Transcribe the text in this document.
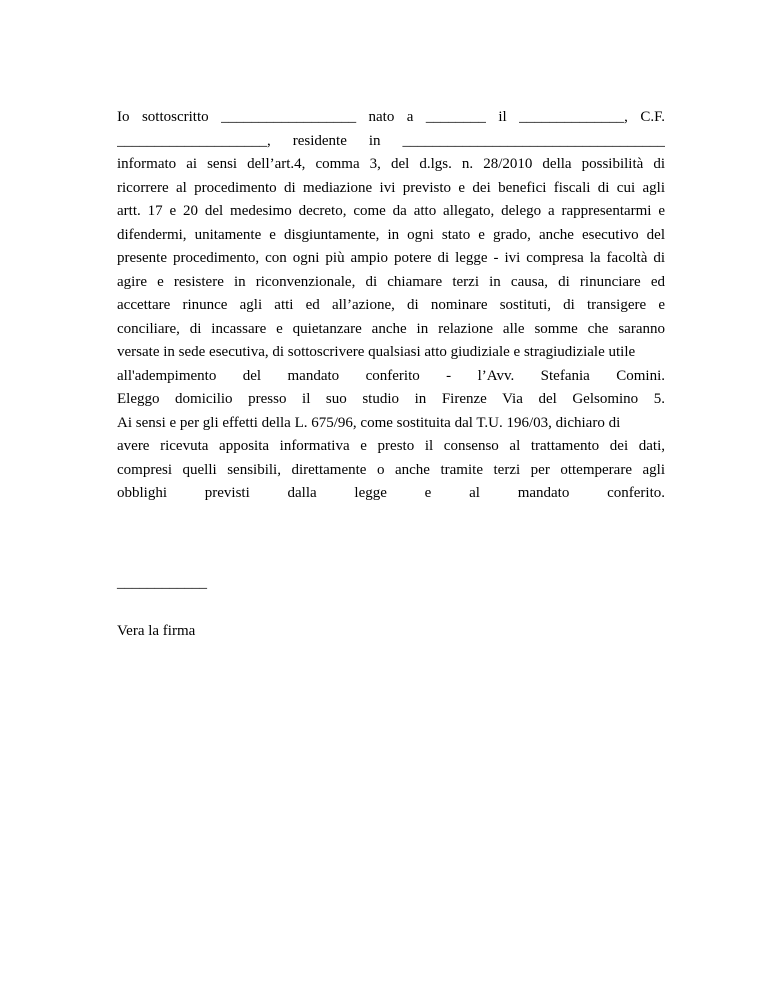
Io sottoscritto __________________ nato a ________ il ______________, C.F.
____________________, residente in ___________________________________
informato ai sensi dell’art.4, comma 3, del d.lgs. n. 28/2010 della possibilità di
ricorrere al procedimento di mediazione ivi previsto e dei benefici fiscali di cui agli
artt. 17 e 20 del medesimo decreto, come da atto allegato, delego a rappresentarmi e
difendermi, unitamente e disgiuntamente, in ogni stato e grado, anche esecutivo del
presente procedimento, con ogni più ampio potere di legge - ivi compresa la facoltà di
agire e resistere in riconvenzionale, di chiamare terzi in causa, di rinunciare ed
accettare rinunce agli atti ed all’azione, di nominare sostituti, di transigere e
conciliare, di incassare e quietanzare anche in relazione alle somme che saranno
versate in sede esecutiva, di sottoscrivere qualsiasi atto giudiziale e stragiudiziale utile
all'adempimento del mandato conferito - l’Avv. Stefania Comini.
Eleggo domicilio presso il suo studio in Firenze Via del Gelsomino 5.
Ai sensi e per gli effetti della L. 675/96, come sostituita dal T.U. 196/03, dichiaro di
avere ricevuta apposita informativa e presto il consenso al trattamento dei dati,
compresi quelli sensibili, direttamente o anche tramite terzi per ottemperare agli
obblighi previsti dalla legge e al mandato conferito.
____________
Vera la firma
